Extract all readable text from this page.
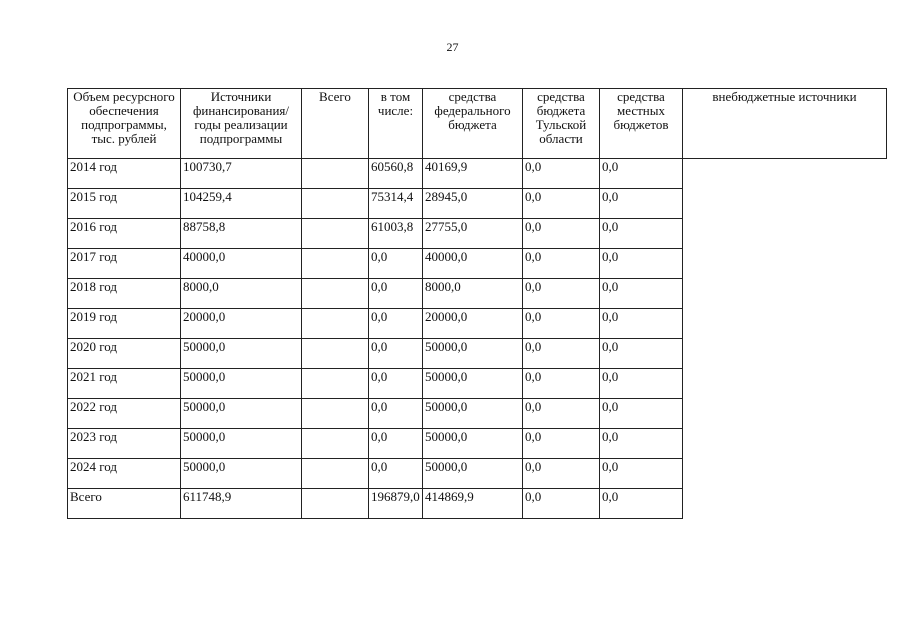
27
Объем ресурсного обеспечения подпрограммы, тыс. рублей	Источники финансирования/ годы реализации подпрограммы	Всего	в том числе:	средства федерального бюджета	средства бюджета Тульской области	средства местных бюджетов	внебюджетные источники
2014 год	100730,7		60560,8	40169,9	0,0	0,0	
2015 год	104259,4		75314,4	28945,0	0,0	0,0	
2016 год	88758,8		61003,8	27755,0	0,0	0,0	
2017 год	40000,0		0,0	40000,0	0,0	0,0	
2018 год	8000,0		0,0	8000,0	0,0	0,0	
2019 год	20000,0		0,0	20000,0	0,0	0,0	
2020 год	50000,0		0,0	50000,0	0,0	0,0	
2021 год	50000,0		0,0	50000,0	0,0	0,0	
2022 год	50000,0		0,0	50000,0	0,0	0,0	
2023 год	50000,0		0,0	50000,0	0,0	0,0	
2024 год	50000,0		0,0	50000,0	0,0	0,0	
Всего	611748,9		196879,0	414869,9	0,0	0,0	
